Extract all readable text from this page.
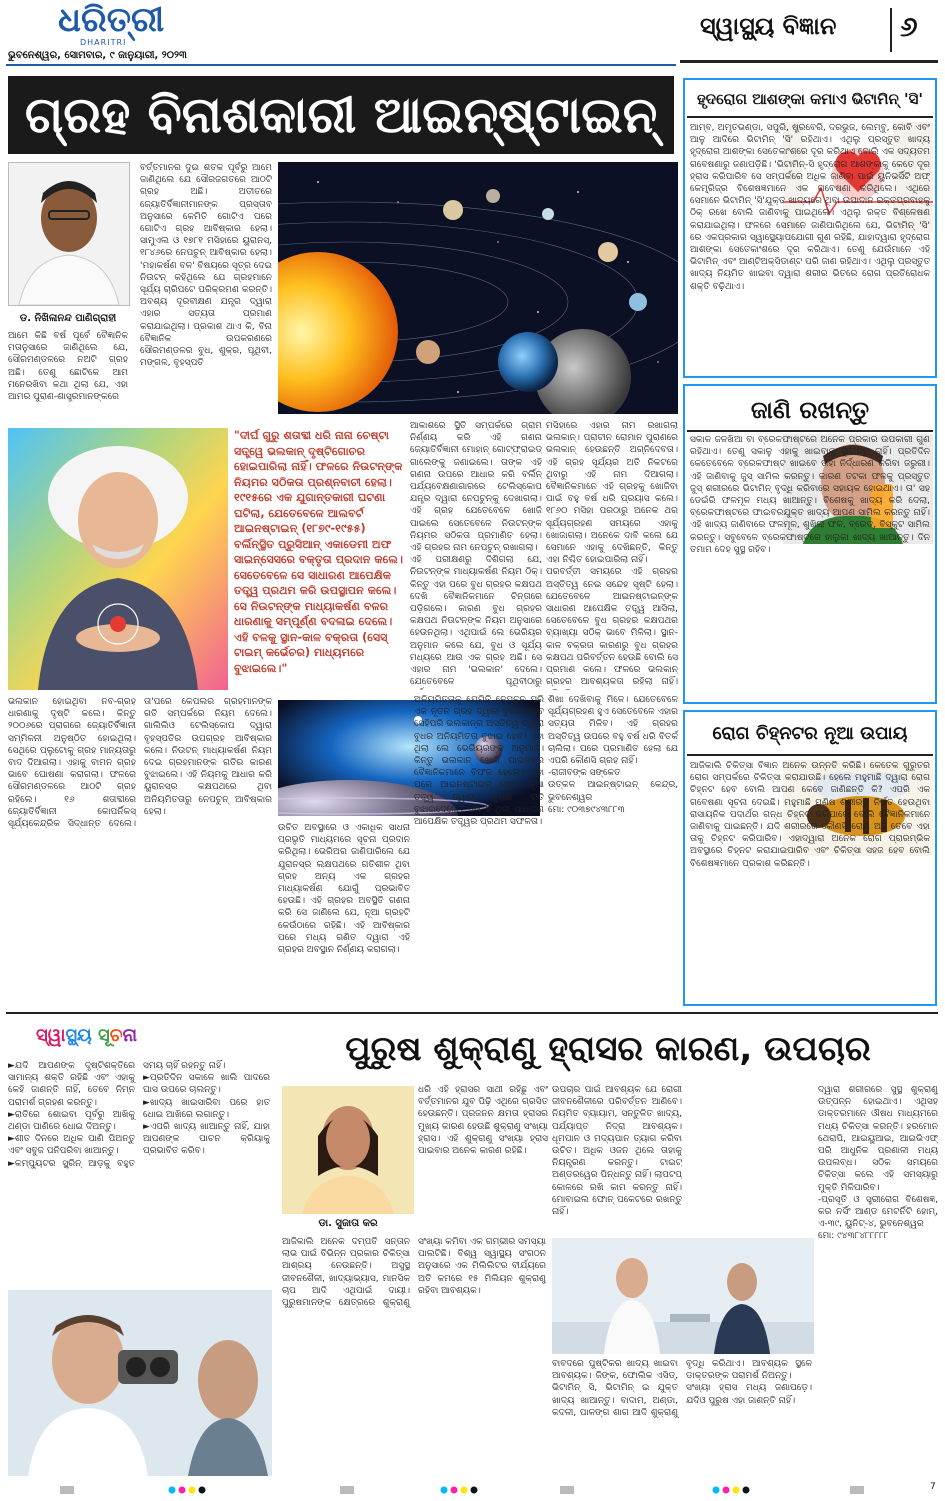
ଧରିତ୍ରୀ
DHARITRI
ଭୁବନେଶ୍ୱର, ସୋମବାର, ୯ ଜାନୁୟାରୀ, ୨୦୨୩
ସ୍ୱାସ୍ଥ୍ୟ ବିଜ୍ଞାନ ୬
ଗ୍ରହ ବିନାଶକାରୀ ଆଇନ୍‌ଷ୍ଟାଇନ୍
ଡ. ନିଖିଳାନନ୍ଦ ପାଣିଗ୍ରାହୀ
ଆମେ କିଛି ବର୍ଷ ପୂର୍ବେ ବୈଜ୍ଞାନିକ ମତାନୁସାରେ ଜାଣିଥିଲେ ଯେ, ସୌରମଣ୍ଡଳରେ ନଅଟି ଗ୍ରହ ଅଛି। ତେଣୁ ଛୋଟିକେ ଆମ ମନେରଖିବା କଥା ଥିଲା ଯେ, ଏହା ଆମର ପୁରାଣ-ଶାସ୍ତ୍ରମାନଙ୍କରେ
ବର୍ତ୍ତମାନର ଦୁଇ ଶତକ ପୂର୍ବରୁ ଆମେ ଜାଣିଥିଲେ ଯେ ସୌରଜଗତରେ ଆଠଟି ଗ୍ରହ ଅଛି। ଅତୀତରେ ଜ୍ୟୋତିର୍ବିଜ୍ଞାନୀମାନଙ୍କ ପ୍ରସ୍ତାବ ଅନୁସାରେ କେମିତି ଗୋଟିଏ ପରେ ଗୋଟିଏ ଗ୍ରହ ଆବିଷ୍କାର ହେଲା। ସାମୁଏଲ ଓ ୧୭୮୧ ମସିହାରେ ୟୁରାନସ୍‌, ୧୮୪୬ରେ ନେପଚୁନ୍ ଆବିଷ୍କାର ହେଲା। 'ମହାକର୍ଷଣ ବଳ' ବିଷୟରେ ସୂତ୍ର ଦେଇ ନିଉଟନ୍ କହିଥିଲେ ଯେ ଗ୍ରହମାନେ ସୂର୍ଯ୍ୟ ଚାରିପଟେ ପରିକ୍ରମଣ କରନ୍ତି। ଅବଶ୍ୟ ଦୂରବୀକ୍ଷଣ ଯନ୍ତ୍ର ଦ୍ୱାରା ଏହାର ସତ୍ୟତା ପ୍ରମାଣ କରାଯାଇଥିଲା। ପ୍ରକାଶ ଥାଏ କି, ବିନା ବୈଜ୍ଞାନିକ ଉପକରଣରେ ସୌରମଣ୍ଡଳର ବୁଧ, ଶୁକ୍ର, ପୃଥିବୀ, ମଙ୍ଗଳ, ବୃହସ୍ପତି
"ଦୀର୍ଘ ଗୁରୁ ଶତାବ୍ଦୀ ଧରି ନାନା ଚେଷ୍ଟା ସତ୍ତ୍ୱେ ଭଲକାନ୍ ଦୃଷ୍ଟିଗୋଚର ହୋଇପାରିଲା ନାହିଁ। ଫଳରେ ନିଉଟନ୍‌ଙ୍କ ନିୟମର ସଠିକତା ପ୍ରଶ୍ନବାଚୀ ହେଲା। ୧୯୧୫ରେ ଏକ ଯୁଗାନ୍ତକାରୀ ଘଟଣା ଘଟିଲା, ଯେତେବେଳେ ଆଲବର୍ଟ ଆଇନଷ୍ଟାଇନ୍ (୧୮୭୯-୧୯୫୫) ବର୍ଲିନ୍‌ସ୍ଥିତ ପ୍ରୁସିଆନ୍ ଏକାଡେମୀ ଅଫ ସାଇନ୍‌ସେସରେ ବକ୍ତୃତା ପ୍ରଦାନ କଲେ। ସେତେବେଳେ ସେ ସାଧାରଣ ଆପେକ୍ଷିକ ତତ୍ତ୍ୱ ପ୍ରଥମ କରି ଉପସ୍ଥାପନ କଲେ। ସେ ନିଉଟନ୍‌ଙ୍କ ମାଧ୍ୟାକର୍ଷଣ ବଳର ଧାରଣାକୁ ସମ୍ପୂର୍ଣ୍ଣ ବଦଳାଇ ଦେଲେ। ଏହି ବଳକୁ ସ୍ଥାନ-କାଳ ବକ୍ରତା (ସେସ୍ ଟାଇମ୍ କର୍ଭେଚର) ମାଧ୍ୟମରେ ବୁଝାଇଲେ।"
ଆକାଶରେ ସ୍ଥିତି ସମ୍ପର୍କରେ ଗ୍ରାମ ନିର୍ଣ୍ଣୟ କରି ଏହି ଗଣନା ଜ୍ୟୋତିର୍ବିଜ୍ଞାନୀ ମୋହାନ୍ ଗୋଟ୍‌ଫ୍ରାଇଡ୍ ଗାଲେଙ୍କୁ ଜଣାଇଲେ। ତାଙ୍କ ଏହି ଗଣନା ଉପରେ ଆଧାର କରି ବର୍ଲିନ୍ ପର୍ଯ୍ୟବେକ୍ଷଣାଗାରରେ ଟେଲିସ୍କୋପ ଯନ୍ତ୍ର ଦ୍ୱାରା ନେପଚୁନ୍‌କୁ ଦେଖାଗଲା। ଏହି ଗ୍ରହ ଯେତେବେଳେ ଖୋଜି ପାଇଲେ ସେତେବେଳେ ନିଉଟନ୍‌ଙ୍କ ନିୟମର ସଠିକତା ପ୍ରମାଣିତ ହେଲା। ଏହି ଗ୍ରହର ନାମ ନେପଚୁନ୍ ରଖାଗଲା।
ଏହି ପରୀକ୍ଷଣରୁ ଦିଶିଗଲା ଯେ, ନିଉଟନ୍‌ଙ୍କ ମାଧ୍ୟାକର୍ଷଣ ନିୟମ ଠିକ୍। କିନ୍ତୁ ଏହା ପରେ ବୁଧ ଗ୍ରହର କକ୍ଷପଥ ଦେଖି ବୈଜ୍ଞାନିକମାନେ ଚିନ୍ତାରେ ପଡ଼ିଗଲେ। କାରଣ ବୁଧ ଗ୍ରହର କକ୍ଷପଥ ନିଉଟନ୍‌ଙ୍କ ନିୟମ ଅନୁସାରେ ହେଉନଥିଲା। ଏଥିପାଇଁ ଲେ ଭେରିୟର ଅନୁମାନ କଲେ ଯେ, ବୁଧ ଓ ସୂର୍ଯ୍ୟ ମଧ୍ୟରେ ଆଉ ଏକ ଗ୍ରହ ଅଛି। ସେ ଏହାର ନାମ 'ଭଲକାନ' ଦେଲେ। ଯେତେବେଳେ ପୃଥିବୀଠାରୁ
ମସିହାରେ ଏହାର ନାମ ରଖାଗଲା ଭଲକାନ୍। ପ୍ରାଚୀନ ରୋମାନ ପୁରାଣରେ ଭଲକାନ୍ ହେଉଛନ୍ତି ଅଗ୍ନିଦେବତା। ଏହି ଗ୍ରହ ସୂର୍ଯ୍ୟର ଅତି ନିକଟରେ ଥିବାରୁ ଏହି ନାମ ଦିଆଗଲା। ବୈଜ୍ଞାନିକମାନେ ଏହି ଗ୍ରହକୁ ଖୋଜିବା ପାଇଁ ବହୁ ବର୍ଷ ଧରି ପ୍ରୟାସ କଲେ। ୧୮୬୦ ମସିହା ପରଠାରୁ ଅନେକ ଥର ସୂର୍ଯ୍ୟଗ୍ରହଣ ସମୟରେ ଏହାକୁ ଖୋଜାଗଲା। ଅନେକେ ଦାବି କଲେ ଯେ ସେମାନେ ଏହାକୁ ଦେଖିଛନ୍ତି, କିନ୍ତୁ ଏହା ନିଶ୍ଚିତ ହୋଇପାରିଲା ନାହିଁ।
ପରବର୍ତ୍ତୀ ସମୟରେ ଏହି ଗ୍ରହର ଅସ୍ତିତ୍ୱ ନେଇ ସନ୍ଦେହ ସୃଷ୍ଟି ହେଲା। ଯେତେବେଳେ ଆଇନଷ୍ଟାଇନ୍‌ଙ୍କ ସାଧାରଣ ଆପେକ୍ଷିକ ତତ୍ତ୍ୱ ଆସିଲା, ସେତେବେଳେ ବୁଧ ଗ୍ରହର କକ୍ଷପଥର ବ୍ୟାଖ୍ୟା ସଠିକ୍ ଭାବେ ମିଳିଲା। ସ୍ଥାନ-କାଳ ବକ୍ରତା କାରଣରୁ ବୁଧ ଗ୍ରହର କକ୍ଷପଥ ପରିବର୍ତ୍ତନ ହେଉଛି ବୋଲି ସେ ପ୍ରମାଣ କଲେ। ଫଳରେ ଭଲକାନ୍ ଗ୍ରହର ଆବଶ୍ୟକତା ରହିଲା ନାହିଁ।
ଭଲକାନ ହୋଇଥିବା ନବ-ଗ୍ରହ ଧାରଣାକୁ ଦୃଷ୍ଟି କଲେ। କିନ୍ତୁ ୨୦୦୬ରେ ପ୍ରାଗରେ ଜ୍ୟୋତିର୍ବିଜ୍ଞାନୀ ସମ୍ମିଳନୀ ଅନୁଷ୍ଠିତ ହୋଇଥିଲା। ସେଥିରେ ପ୍ଲୁଟୋକୁ ଗ୍ରହ ମାନ୍ୟତାରୁ ବାଦ ଦିଆଗଲା। ଏହାକୁ ବାମନ ଗ୍ରହ ଭାବେ ଘୋଷଣା କରାଗଲା। ଫଳରେ ସୌରମଣ୍ଡଳରେ ଆଠଟି ଗ୍ରହ ରହିଲେ। ୧୬ ଶତାବ୍ଦୀରେ ଜ୍ୟୋତିର୍ବିଜ୍ଞାନୀ କୋପର୍ନିକସ୍ ସୂର୍ଯ୍ୟକେନ୍ଦ୍ରିକ ସିଦ୍ଧାନ୍ତ ଦେଲେ। ତା'ପରେ କେପଲର ଗ୍ରହମାନଙ୍କ ଗତି ସମ୍ପର୍କରେ ନିୟମ ଦେଲେ। ଗାଲିଲିଓ ଟେଲିସ୍କୋପ ଦ୍ୱାରା ବୃହସ୍ପତିର ଉପଗ୍ରହ ଆବିଷ୍କାର କଲେ। ନିଉଟନ୍ ମାଧ୍ୟାକର୍ଷଣ ନିୟମ ଦେଇ ଗ୍ରହମାନଙ୍କ ଗତିର କାରଣ ବୁଝାଇଲେ। ଏହି ନିୟମକୁ ଆଧାର କରି ୟୁରାନସ୍‌ର କକ୍ଷପଥରେ ଥିବା ଅନିୟମିତତାରୁ ନେପଚୁନ୍ ଆବିଷ୍କାର ହେଲା।
ଉଚିତ ଅବସ୍ଥାରେ ଓ ଏକାଧିକ ସାଧନା ପ୍ରଭୃତି ମାଧ୍ୟମରେ ସୂଚନା ପ୍ରଦାନ କରିଥିଲା। ଭେରିଅର ଜାଣିପାରିଲେ ଯେ ଯୁରାନସ୍‌ର ଲକ୍ଷପଥରେ ଗତିଶୀଳ ଥିବା ଗ୍ରହ ଅନ୍ୟ ଏକ ଗ୍ରହର ମାଧ୍ୟାକର୍ଷଣ ଯୋଗୁଁ ପ୍ରଭାବିତ ହେଉଛି। ଏହି ଗ୍ରହର ଅବସ୍ଥିତି ଗଣନା କରି ସେ ଜାଣିଲେ ଯେ, ନୂଆ ଗ୍ରହଟି କେଉଁଠାରେ ରହିଛି। ଏହି ଆବିଷ୍କାର ପରେ ମଧ୍ୟ ଗଣିତ ଦ୍ୱାରା ଏହି ଗ୍ରହର ଅବସ୍ଥାନ ନିର୍ଣ୍ଣୟ କରାଗଲା।
ଅନିୟମିତତାକୁ ଯେମିତି ନେପଚୁନ୍ ପରି ଏକ ନୂତନ ଗ୍ରହ ଦ୍ୱାରା ବୁଝାଇ ହେବ ସେହିପରି ଭଲକାନ୍‌ର ଅସ୍ତିତ୍ୱ ଦ୍ୱାରା ବୁଧର ଅନିୟମିତତା ବୁଝାଇ ହେବ। ଏହା ଥିଲା ଲେ ଭେରିୟରଙ୍କ ଅନୁମାନ। କିନ୍ତୁ ଭଲକାନ୍ ଖୋଜି ପାଇବାରେ ବୈଜ୍ଞାନିକମାନେ ବିଫଳ ହେଲେ। ଏହା ପରେ ଆଇନଷ୍ଟାଇନ୍ ତାଙ୍କ ନୂଆ ତତ୍ତ୍ୱ ଦ୍ୱାରା ବୁଧର ଗତି ବୁଝାଇଦେଲେ। ଏହା ହିଁ ଥିଲା ସାଧାରଣ ଆପେକ୍ଷିକ ତତ୍ତ୍ୱର ପ୍ରଥମ ସଫଳତା।
ଶିଖା ଦେଖିବାକୁ ମିଳେ। ଯେତେବେଳେ ସୂର୍ଯ୍ୟଗ୍ରହଣ ହୁଏ ସେତେବେଳେ ଏହାର ସତ୍ୟତା ମିଳିବ। ଏହି ଗ୍ରହର ଅସ୍ତିତ୍ୱ ଉପରେ ବହୁ ବର୍ଷ ଧରି ବିତର୍କ ଚାଲିଲା। ପରେ ପ୍ରମାଣିତ ହେଲା ଯେ ଏପରି କୌଣସି ଗ୍ରହ ନାହିଁ।
-ରାଜୀବଙ୍କ ସଙ୍କେତ
ଉତ୍କଳ ଆଇନ୍‌ଷ୍ଟାଇନ୍ କେନ୍ଦ୍ର, ଭୁବନେଶ୍ୱର
ମୋ: ୯୦୩୭୯୪୩୮୮୩
ହୃଦରୋଗ ଆଶଙ୍କା କମାଏ ଭିଟାମିନ୍ 'ସି'
ଆମ୍ବ, ଅମୃତଭଣ୍ଡା, ସପୁରି, ଷ୍ଟ୍ରବେରି, ଦରଭୁଜ, ଲେମ୍ବୁ, କୋବି ଏବଂ ଆଳୁ ଆଦିରେ ଭିଟାମିନ୍ 'ସି' ରହିଥାଏ। ଏଥିଲୁ ପ୍ରସ୍ତୁତ ଖାଦ୍ୟ ହୃଦ୍‌ରୋଗ ଆଶଙ୍କା ସେତେକାଂଶରେ ଦୂର କରିଥାଏ ବୋଲି ଏକ ସଦ୍ୟତମ ଗବେଷଣାରୁ ଜଣାପଡ଼ିଛି। 'ଭିଟାମିନ୍-ସି ହୃଦ୍‌ରୋଗ ଆଶଙ୍କାକୁ କେତେ ଦୂର ହ୍ରାସ କରିପାରିବ ସେ ସମ୍ପର୍କରେ ଅଧିକ ଜାଣିବା ପାଇଁ ୟୁନିଭର୍ସିଟି ଅଫ୍ କେମ୍ବ୍ରିଜ୍‌ର ବିଶେଷଜ୍ଞମାନେ ଏକ ଗବେଷଣା କରିଥିଲେ। ଏଥିରେ ସେମାନେ ଭିଟାମିନ୍ 'ସି'ଯୁକ୍ତ ଖାଦ୍ୟରେ ଥିବା ଉପାଦାନ ରକ୍ତପ୍ରବାହକୁ ଠିକ୍ ରଖେ ବୋଲି ଜାଣିବାକୁ ପାଇଥିଲେ। ଏଥିଲୁ ରକ୍ତ ବିଶ୍ଳେଷଣ କରାଯାଇଥିଲା। ଫଳରେ ସେମାନେ ଜାଣିପାରିଥିଲେ ଯେ, ଭିଟାମିନ୍ 'ସି' ରେ ଏକପ୍ରକାର ସ୍ୱାସ୍ଥ୍ୟୋପଯୋଗୀ ଗୁଣ ରହିଛି, ଯାହାଦ୍ୱାରା ହୃଦ୍‌ରୋଗ ଆଶଙ୍କା ସେତେକାଂଶରେ ଦୂର କରିଥାଏ। ତେଣୁ ଯେଉଁମାନେ ଏହି ଭିଟାମିନ୍ ଏବଂ ଆଣ୍ଟିଅକ୍ସିଡାଣ୍ଟ ପରି ଜାଣ ରହିଥାଏ। ଏଥିଲୁ ପ୍ରସ୍ତୁତ ଖାଦ୍ୟ ନିୟମିତ ଖାଇବା ଦ୍ୱାରା ଶରୀର ଭିତରେ ରୋଗ ପ୍ରତିରୋଧକ ଶକ୍ତି ବଢ଼ିଥାଏ।
ଜାଣି ରଖନ୍ତୁ
ସକାଳ ଜଳଖିଆ ବା ବ୍ରେକଫାଷ୍ଟରେ ଅନେକ ପ୍ରକାର ଉପକାରୀ ଗୁଣ ରହିଥାଏ। ତେଣୁ ସକାଳୁ ଏହାକୁ ଖାଇବାକୁ ଭୁଲନ୍ତୁ ନାହିଁ। ପ୍ରତିଦିନ କେତେବେଳେ ବ୍ରେକଫାଷ୍ଟ ଖାଇବେ ତାହା ନିର୍ଦ୍ଧାରଣ କରିବା ଜରୁରୀ। ଏହି ଜାଣିବାକୁ ଜୁସ୍ ସାମିଲ କରନ୍ତୁ। କାରଣ ତଟକା ଫଳକୁ ପ୍ରସ୍ତୁତ ଜୁସ୍ ଶରୀରରେ ଭିଟାମିନ୍ ବୃଦ୍ଧି କରିବାରେ ସହାୟକ ହୋଇଥାଏ। ତା' ସହ ଡେଇଁରି ଫଳମୂଳ ମଧ୍ୟ ଖାଆନ୍ତୁ। ବିଶେଷକୁ ଖାଦ୍ୟ କରି ଦେଲା, ବ୍ରେକଫାଷ୍ଟରେ ଫାଇବରଯୁକ୍ତ ଖାଦ୍ୟ ଆପଣ ସାମିଲ କରନ୍ତୁ ନାହିଁ। ଏହି ଖାଦ୍ୟ ଜାଣିବାରେ ଫଳମୂଳ, ଶୁଖିଲା ଫଳ, ବ୍ରେଡ୍, ବିସ୍କୁଟ ସାମିଲ କରନ୍ତୁ। ସବୁବେଳେ ବ୍ରେକଫାଷ୍ଟରେ ହାଲୁକା ଖାଦ୍ୟ ଖାଆନ୍ତୁ। ଦିନ ତମାମ ଦେହ ସୁସ୍ଥ ରହିବ।
ରୋଗ ଚିହ୍ନଟର ନୂଆ ଉପାୟ
ଆଜିକାଲି ଚିକିତ୍ସା ବିଜ୍ଞାନ ଅନେକ ଉନ୍ନତି କରିଛି। କେତେକ ଗୁରୁତର ରୋଗ ସମ୍ପର୍କରେ ଚିକିତ୍ସା କରାଯାଉଛି। ହେଲେ ମହୁମାଛି ଦ୍ୱାରା ରୋଗ ଚିହ୍ନଟ ହେବ ବୋଲି ଆପଣ କେବେ ଜାଣିଛନ୍ତି କି? ଏପରି ଏକ ଗବେଷଣା ସୂଚନା ଦେଇଛି। ମହୁମାଛି ମଣିଷ ଶରୀରରୁ ନିର୍ଗତ ହେଉଥିବା ରାସାୟନିକ ପଦାର୍ଥର ଗନ୍ଧ ଚିହ୍ନଟ କରିପାରେ ବୋଲି ବୈଜ୍ଞାନିକମାନେ ଜାଣିବାକୁ ପାଇଛନ୍ତି। ଯଦି ଶରୀରରେ କୌଣସି ରୋଗ ଅଛି ତେବେ ଏହା ତାକୁ ଚିହ୍ନଟ କରିପାରିବ। ଏହାଦ୍ୱାରା ଅନେକ ରୋଗ ପ୍ରାରମ୍ଭିକ ଅବସ୍ଥାରେ ଚିହ୍ନଟ କରାଯାଇପାରିବ ଏବଂ ଚିକିତ୍ସା ସହଜ ହେବ ବୋଲି ବିଶେଷଜ୍ଞମାନେ ପ୍ରକାଶ କରିଛନ୍ତି।
ସ୍ୱାସ୍ଥ୍ୟ ସୂଚନା
►ଯଦି ଆପଣଙ୍କ ଦୃଷ୍ଟିଶକ୍ତିରେ ସାମାନ୍ୟ ଶକ୍ତି ରହିଛି ଏବଂ ଏହାକୁ କେହି ଜାଣନ୍ତି ନାହିଁ, ତେବେ ନିମ୍ନ ପରାମର୍ଶ ଗ୍ରହଣ କରନ୍ତୁ।
►ରାତିରେ ଶୋଇବା ପୂର୍ବରୁ ଆଖିକୁ ଥଣ୍ଡା ପାଣିରେ ଧୋଇ ଦିଅନ୍ତୁ।
►ଶୀତ ଦିନରେ ଅଧିକ ପାଣି ପିଅନ୍ତୁ ଏବଂ ସବୁଜ ପନିପରିବା ଖାଆନ୍ତୁ।
►କମ୍ପ୍ୟୁଟର ସ୍କ୍ରିନ୍ ଆଡ଼କୁ ବହୁତ ସମୟ ଚାହିଁ ରହନ୍ତୁ ନାହିଁ।
►ପ୍ରତିଦିନ ସକାଳେ ଖାଲି ପାଦରେ ଘାସ ଉପରେ ଚାଲନ୍ତୁ।
►ଖାଦ୍ୟ ଖାଇସାରିବା ପରେ ହାତ ଧୋଇ ଆଖିରେ ଲଗାନ୍ତୁ।
►ଏପରି ଖାଦ୍ୟ ଖାଆନ୍ତୁ ନାହିଁ, ଯାହା ଆପଣଙ୍କ ପାଚନ କ୍ରିୟାକୁ ପ୍ରଭାବିତ କରିବ।
ପୁରୁଷ ଶୁକ୍ରାଣୁ ହ୍ରାସର କାରଣ, ଉପଚାର
ଡା. ସୁଜାତା କର
ଧରି ଏହି ହ୍ରାସର ସାଥୀ ରହିଛୁ ଏବଂ ବର୍ତ୍ତମାନର ଯୁବ ପିଢ଼ି ଏଥିରେ ଗ୍ରସିତ ହେଉଛନ୍ତି। ପ୍ରଜନନ କ୍ଷମତା ହ୍ରାସର ମୁଖ୍ୟ କାରଣ ହେଉଛି ଶୁକ୍ରାଣୁ ସଂଖ୍ୟା ହ୍ରାସ। ଏହି ଶୁକ୍ରାଣୁ ସଂଖ୍ୟା ହ୍ରାସ ପାଇବାର ଅନେକ କାରଣ ରହିଛି।
ଆଜିକାଲି ଅନେକ ଦମ୍ପତି ସନ୍ତାନ ଲାଭ ପାଇଁ ବିଭିନ୍ନ ପ୍ରକାର ଚିକିତ୍ସା ଆଶ୍ରୟ ନେଉଛନ୍ତି। ଅସୁସ୍ଥ ଜୀବନଶୈଳୀ, ଖାଦ୍ୟାଭ୍ୟାସ, ମାନସିକ ଚାପ ଆଦି ଏଥିପାଇଁ ଦାୟୀ। ପୁରୁଷମାନଙ୍କ କ୍ଷେତ୍ରରେ ଶୁକ୍ରାଣୁ ସଂଖ୍ୟା କମିବା ଏକ ଗମ୍ଭୀର ସମସ୍ୟା ପାଲଟିଛି। ବିଶ୍ୱ ସ୍ୱାସ୍ଥ୍ୟ ସଂଗଠନ ଅନୁସାରେ ଏକ ମିଲିଲିଟର ବୀର୍ଯ୍ୟରେ ଅତି କମରେ ୧୫ ମିଲିୟନ ଶୁକ୍ରାଣୁ ରହିବା ଆବଶ୍ୟକ।
ଉପଚାର ପାଇଁ ଆବଶ୍ୟକ ଯେ ରୋଗୀ ଜୀବନଶୈଳୀରେ ପରିବର୍ତ୍ତନ ଆଣିବେ। ନିୟମିତ ବ୍ୟାୟାମ, ସନ୍ତୁଳିତ ଖାଦ୍ୟ, ପର୍ଯ୍ୟାପ୍ତ ନିଦ୍ରା ଆବଶ୍ୟକ। ଧୂମପାନ ଓ ମଦ୍ୟପାନ ତ୍ୟାଗ କରିବା ଉଚିତ। ଅଧିକ ଓଜନ ଥିଲେ ତାହାକୁ ନିୟନ୍ତ୍ରଣ କରନ୍ତୁ। ଟାଇଟ୍ ଅଣ୍ଡରୱେର ପିନ୍ଧନ୍ତୁ ନାହିଁ। ଲାପଟପ୍ କୋଳରେ ରଖି କାମ କରନ୍ତୁ ନାହିଁ। ମୋବାଇଲ ଫୋନ୍ ପକେଟରେ ରଖନ୍ତୁ ନାହିଁ।
ବାବଦରେ ପୁଷ୍ଟିକର ଖାଦ୍ୟ ଖାଇବା ଆବଶ୍ୟକ। ଜିଙ୍କ, ଫୋଲିକ ଏସିଡ୍, ଭିଟାମିନ୍ ସି, ଭିଟାମିନ୍ ଇ ଯୁକ୍ତ ଖାଦ୍ୟ ଖାଆନ୍ତୁ। ବାଦାମ, ଅଣ୍ଡା, କଦଳୀ, ପାଳଙ୍ଗ ଶାଗ ଆଦି ଶୁକ୍ରାଣୁ ବୃଦ୍ଧି କରିଥାଏ। ଆବଶ୍ୟକ ସ୍ଥଳେ ଡାକ୍ତରଙ୍କ ପରାମର୍ଶ ନିଅନ୍ତୁ।
ସଂଖ୍ୟା ହ୍ରାସ ମଧ୍ୟ ଜଣାପଡ଼େ। ଯଦିଓ ପୁରୁଷ ଏହା ଜାଣନ୍ତି ନାହିଁ।
ଦ୍ୱାରା ଶରୀରରେ ସୁସ୍ଥ ଶୁକ୍ରାଣୁ ଉତ୍ପନ୍ନ ହୋଇଥାଏ। ଏଥିସହ ଡାକ୍ତରମାନେ ଔଷଧ ମାଧ୍ୟମରେ ମଧ୍ୟ ଚିକିତ୍ସା କରନ୍ତି। ହରମୋନ ଥେରାପି, ଆଇୟୁଆଇ, ଆଇଭିଏଫ୍ ପରି ଆଧୁନିକ ପ୍ରଣାଳୀ ମଧ୍ୟ ଉପଲବ୍ଧ। ସଠିକ ସମୟରେ ଚିକିତ୍ସା କଲେ ଏହି ସମସ୍ୟାରୁ ମୁକ୍ତି ମିଳିପାରିବ।
-ପ୍ରସୂତି ଓ ସ୍ତ୍ରୀରୋଗ ବିଶେଷଜ୍ଞ, କର ନର୍ସିଂ ଆଣ୍ଡ ମେଟର୍ନିଟି ହୋମ୍, ଏ-୩୯, ୟୁନିଟ୍-୪, ଭୁବନେଶ୍ୱର
ମୋ: ୯୪୩୮୪୮୮୮୮୮
7
